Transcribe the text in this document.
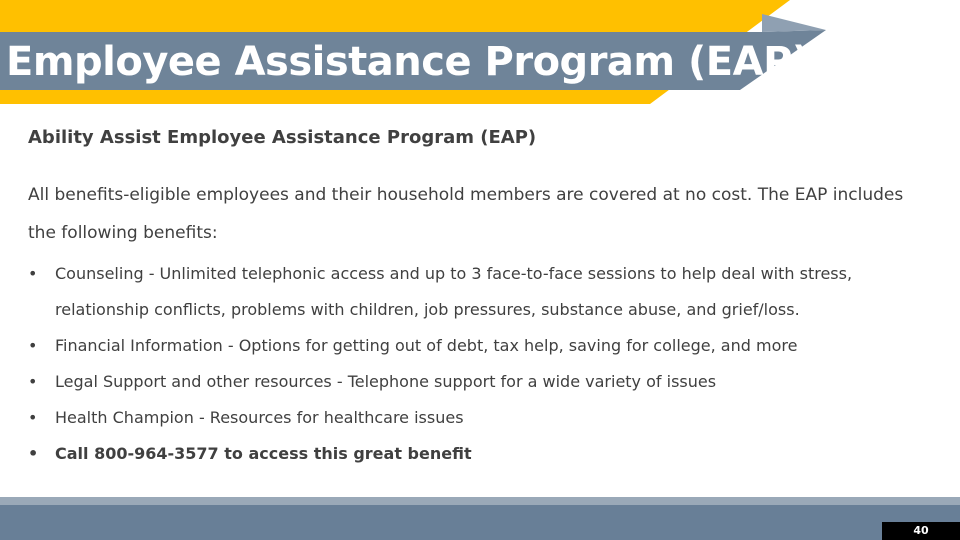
Employee Assistance Program (EAP)
Ability Assist Employee Assistance Program (EAP)
All benefits-eligible employees and their household members are covered at no cost. The EAP includes the following benefits:
• Counseling - Unlimited telephonic access and up to 3 face-to-face sessions to help deal with stress, relationship conflicts, problems with children, job pressures, substance abuse, and grief/loss.
• Financial Information - Options for getting out of debt, tax help, saving for college, and more
• Legal Support and other resources - Telephone support for a wide variety of issues
• Health Champion - Resources for healthcare issues
• Call 800-964-3577 to access this great benefit
40
